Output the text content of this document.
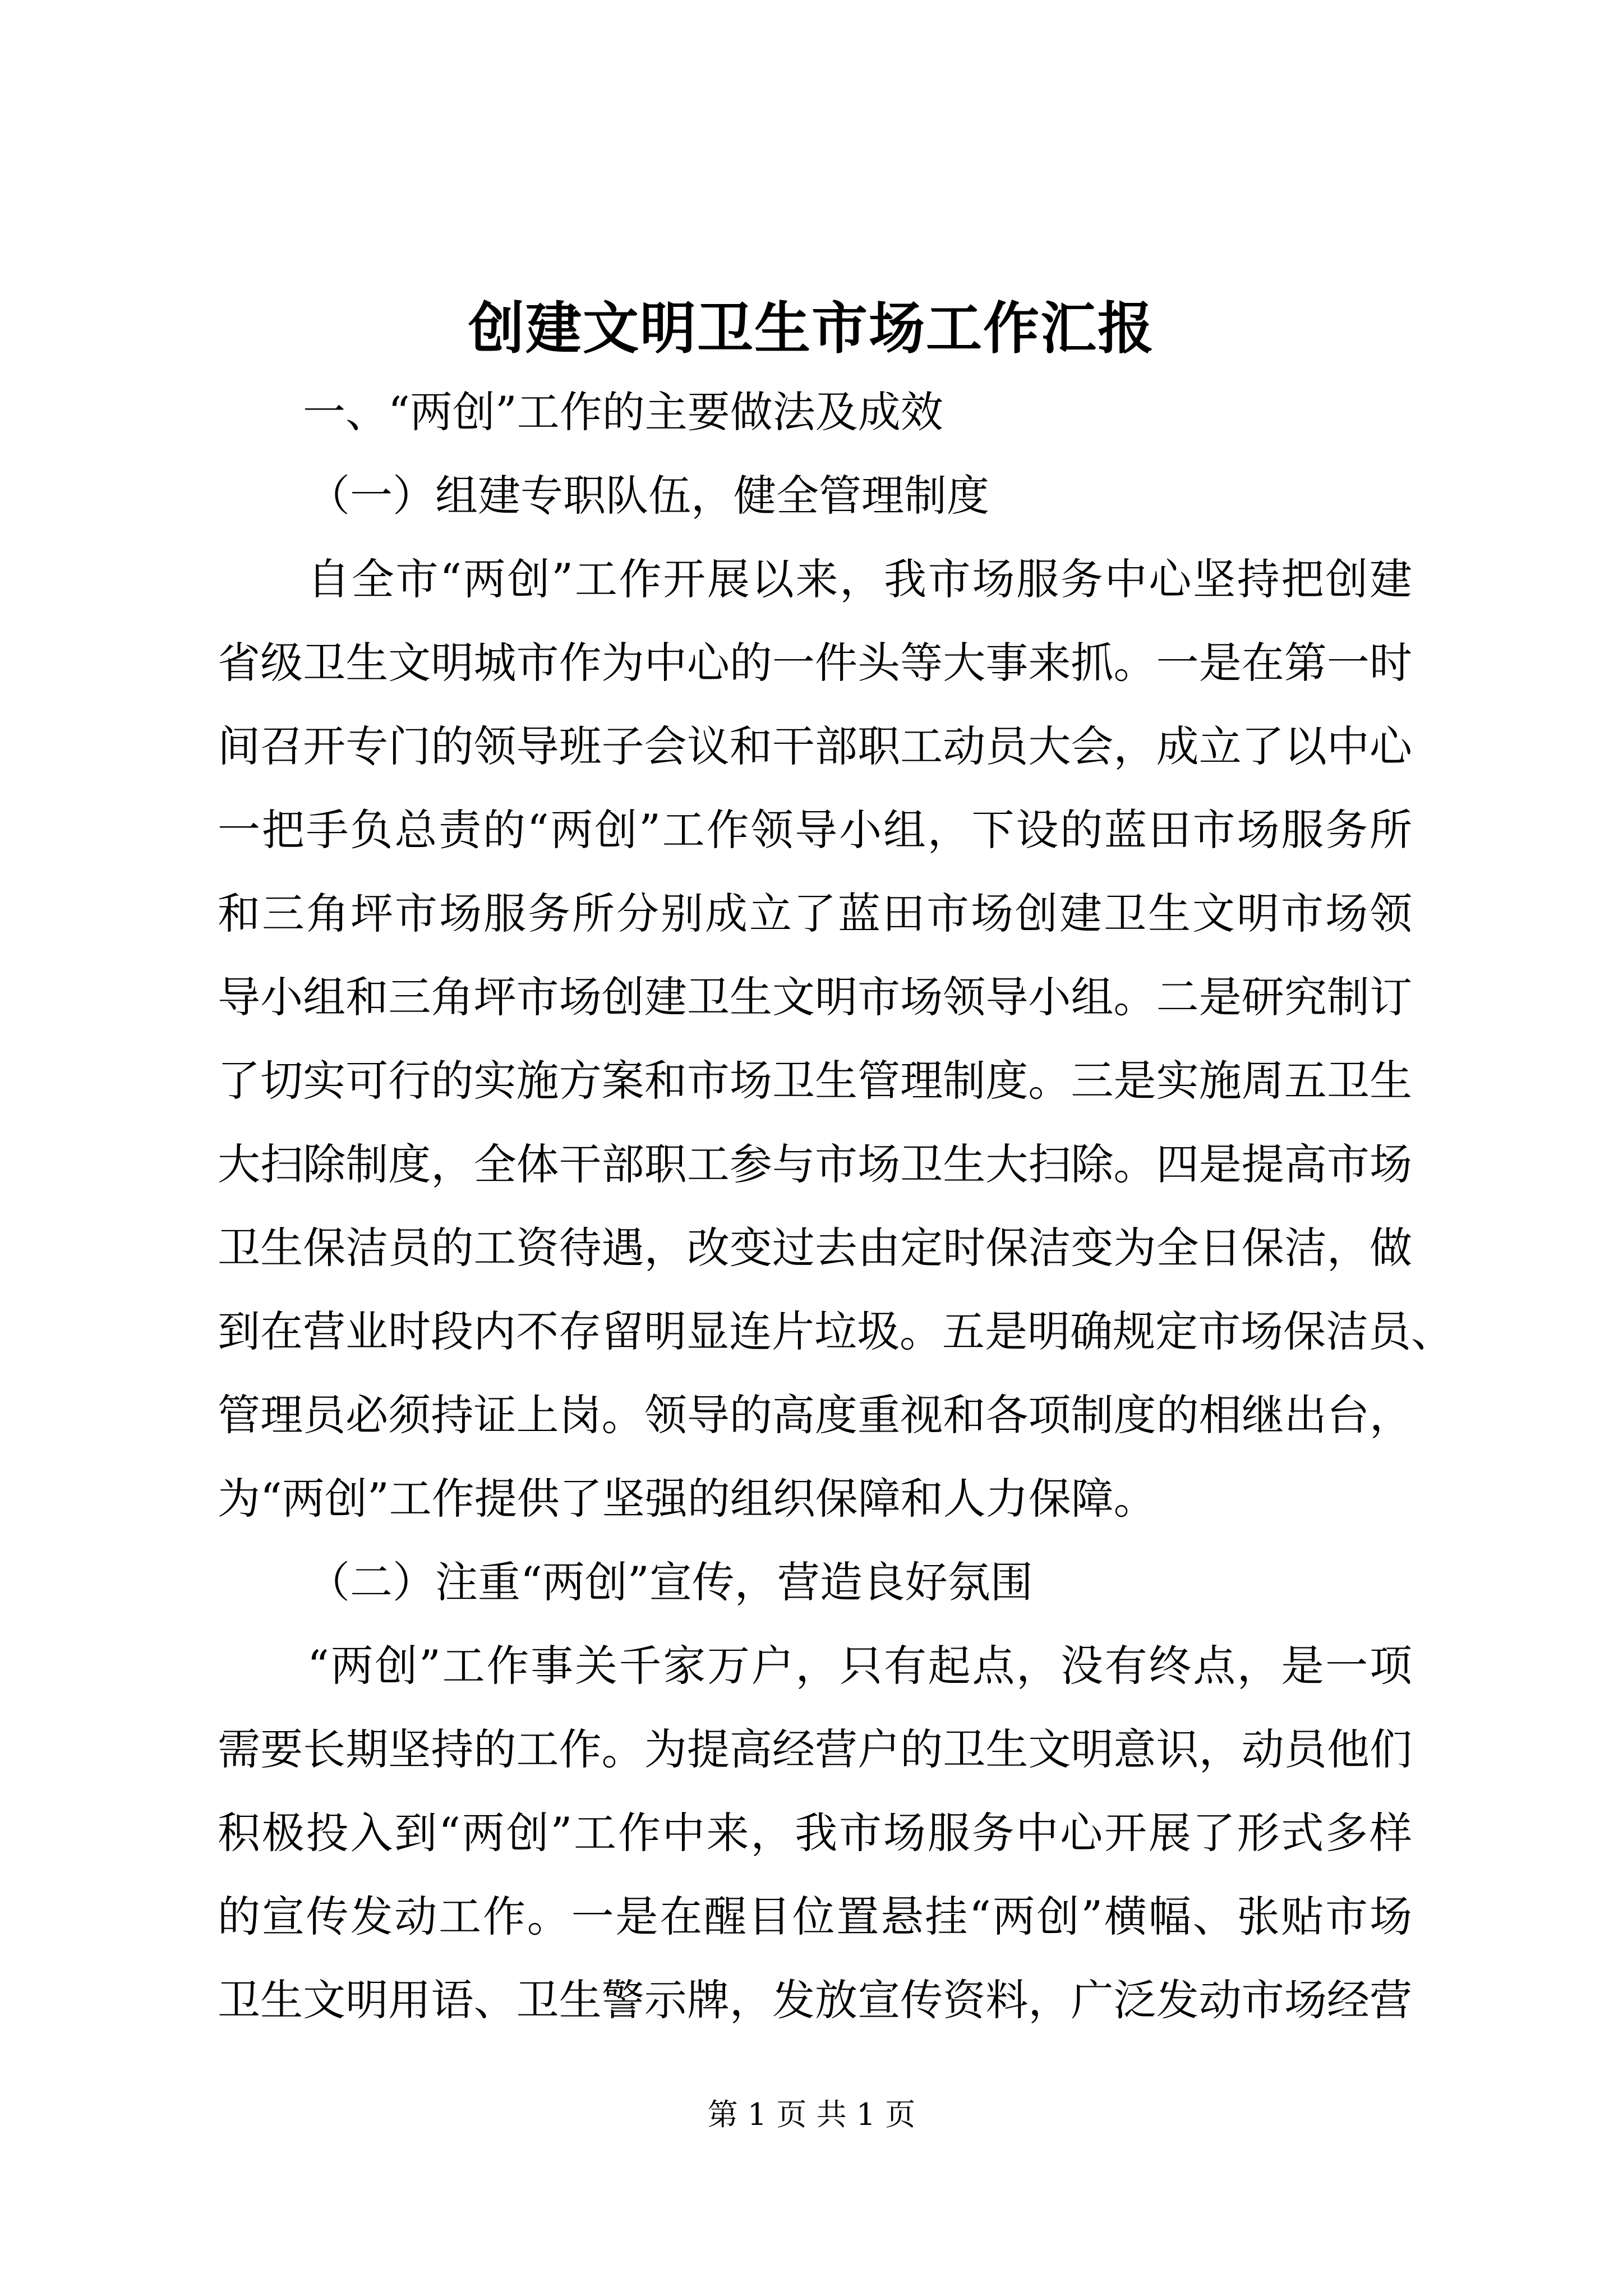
创建文明卫生市场工作汇报
一、“两创”工作的主要做法及成效
（一）组建专职队伍，健全管理制度
自全市“两创”工作开展以来，我市场服务中心坚持把创建
省级卫生文明城市作为中心的一件头等大事来抓。一是在第一时
间召开专门的领导班子会议和干部职工动员大会，成立了以中心
一把手负总责的“两创”工作领导小组，下设的蓝田市场服务所
和三角坪市场服务所分别成立了蓝田市场创建卫生文明市场领
导小组和三角坪市场创建卫生文明市场领导小组。二是研究制订
了切实可行的实施方案和市场卫生管理制度。三是实施周五卫生
大扫除制度，全体干部职工参与市场卫生大扫除。四是提高市场
卫生保洁员的工资待遇，改变过去由定时保洁变为全日保洁，做
到在营业时段内不存留明显连片垃圾。五是明确规定市场保洁员、
管理员必须持证上岗。领导的高度重视和各项制度的相继出台，
为“两创”工作提供了坚强的组织保障和人力保障。
（二）注重“两创”宣传，营造良好氛围
“两创”工作事关千家万户，只有起点，没有终点，是一项
需要长期坚持的工作。为提高经营户的卫生文明意识，动员他们
积极投入到“两创”工作中来，我市场服务中心开展了形式多样
的宣传发动工作。一是在醒目位置悬挂“两创”横幅、张贴市场
卫生文明用语、卫生警示牌，发放宣传资料，广泛发动市场经营
第 1 页 共 1 页
